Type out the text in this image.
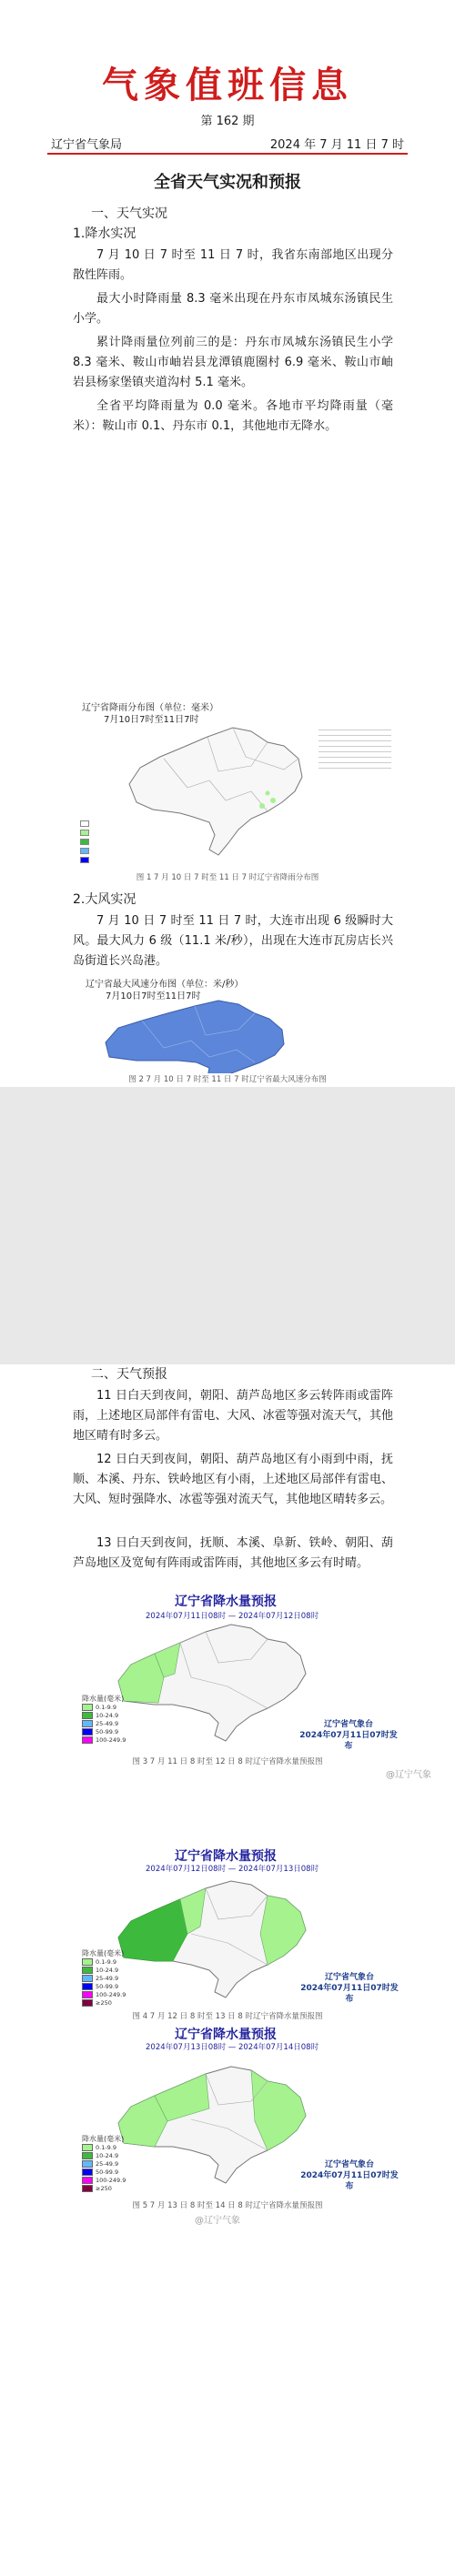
气象值班信息
第 162 期
辽宁省气象局	2024 年 7 月 11 日 7 时
全省天气实况和预报
一、天气实况
1.降水实况
7 月 10 日 7 时至 11 日 7 时，我省东南部地区出现分散性阵雨。
最大小时降雨量 8.3 毫米出现在丹东市凤城东汤镇民生小学。
累计降雨量位列前三的是：丹东市凤城东汤镇民生小学 8.3 毫米、鞍山市岫岩县龙潭镇鹿圈村 6.9 毫米、鞍山市岫岩县杨家堡镇夹道沟村 5.1 毫米。
全省平均降雨量为 0.0 毫米。各地市平均降雨量（毫米）：鞍山市 0.1、丹东市 0.1，其他地市无降水。
辽宁省降雨分布图（单位：毫米）
7月10日7时至11日7时
图 1 7 月 10 日 7 时至 11 日 7 时辽宁省降雨分布图
2.大风实况
7 月 10 日 7 时至 11 日 7 时，大连市出现 6 级瞬时大风。最大风力 6 级（11.1 米/秒），出现在大连市瓦房店长兴岛街道长兴岛港。
辽宁省最大风速分布图（单位：米/秒）
7月10日7时至11日7时
图 2 7 月 10 日 7 时至 11 日 7 时辽宁省最大风速分布图
二、天气预报
11 日白天到夜间，朝阳、葫芦岛地区多云转阵雨或雷阵雨，上述地区局部伴有雷电、大风、冰雹等强对流天气，其他地区晴有时多云。
12 日白天到夜间，朝阳、葫芦岛地区有小雨到中雨，抚顺、本溪、丹东、铁岭地区有小雨，上述地区局部伴有雷电、大风、短时强降水、冰雹等强对流天气，其他地区晴转多云。
13 日白天到夜间，抚顺、本溪、阜新、铁岭、朝阳、葫芦岛地区及宽甸有阵雨或雷阵雨，其他地区多云有时晴。
辽宁省降水量预报
2024年07月11日08时 — 2024年07月12日08时
降水量(毫米)
0.1-9.9
10-24.9
25-49.9
50-99.9
100-249.9
辽宁省气象台
2024年07月11日07时发布
图 3 7 月 11 日 8 时至 12 日 8 时辽宁省降水量预报图
@辽宁气象
辽宁省降水量预报
2024年07月12日08时 — 2024年07月13日08时
降水量(毫米)
0.1-9.9
10-24.9
25-49.9
50-99.9
100-249.9
≥250
辽宁省气象台
2024年07月11日07时发布
图 4 7 月 12 日 8 时至 13 日 8 时辽宁省降水量预报图
辽宁省降水量预报
2024年07月13日08时 — 2024年07月14日08时
降水量(毫米)
0.1-9.9
10-24.9
25-49.9
50-99.9
100-249.9
≥250
辽宁省气象台
2024年07月11日07时发布
图 5 7 月 13 日 8 时至 14 日 8 时辽宁省降水量预报图
@辽宁气象
